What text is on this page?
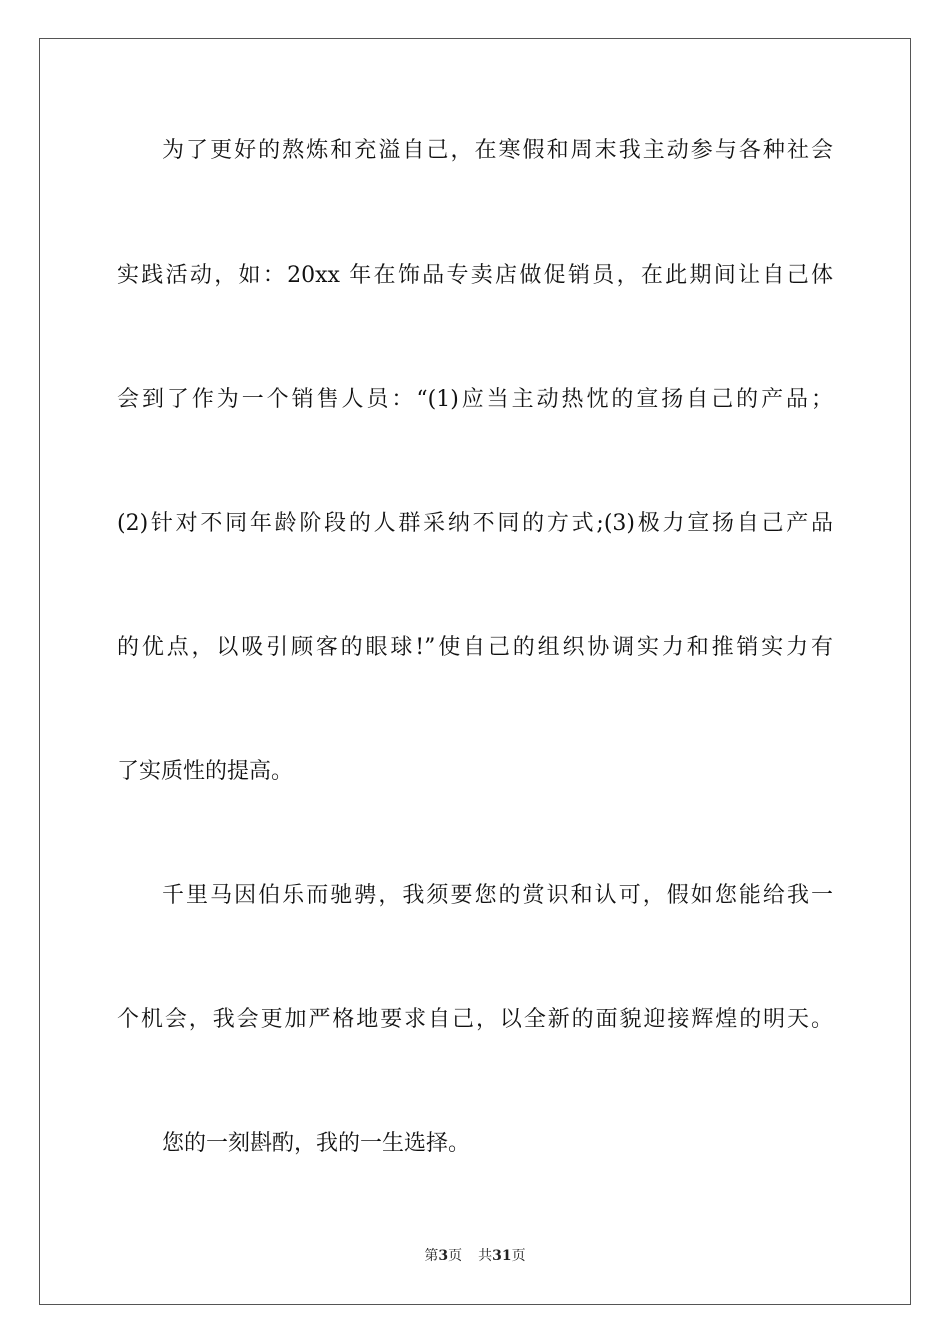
为了更好的熬炼和充溢自己，在寒假和周末我主动参与各种社会
实践活动，如：20xx 年在饰品专卖店做促销员，在此期间让自己体
会到了作为一个销售人员：“(1)应当主动热忱的宣扬自己的产品；
(2)针对不同年龄阶段的人群采纳不同的方式;(3)极力宣扬自己产品
的优点，以吸引顾客的眼球!”使自己的组织协调实力和推销实力有
了实质性的提高。
千里马因伯乐而驰骋，我须要您的赏识和认可，假如您能给我一
个机会，我会更加严格地要求自己，以全新的面貌迎接辉煌的明天。
您的一刻斟酌，我的一生选择。
第3页 共31页
